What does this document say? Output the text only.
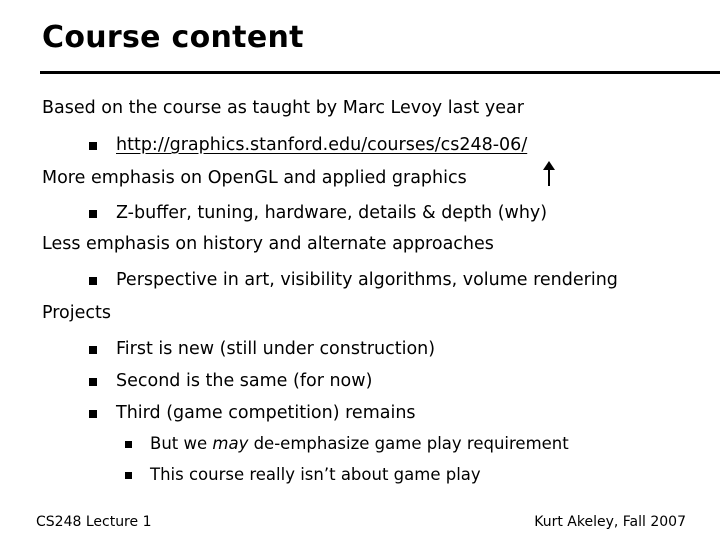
Course content
Based on the course as taught by Marc Levoy last year
http://graphics.stanford.edu/courses/cs248-06/
More emphasis on OpenGL and applied graphics
Z-buffer, tuning, hardware, details & depth (why)
Less emphasis on history and alternate approaches
Perspective in art, visibility algorithms, volume rendering
Projects
First is new (still under construction)
Second is the same (for now)
Third (game competition) remains
But we may de-emphasize game play requirement
This course really isn’t about game play
CS248 Lecture 1	Kurt Akeley, Fall 2007
